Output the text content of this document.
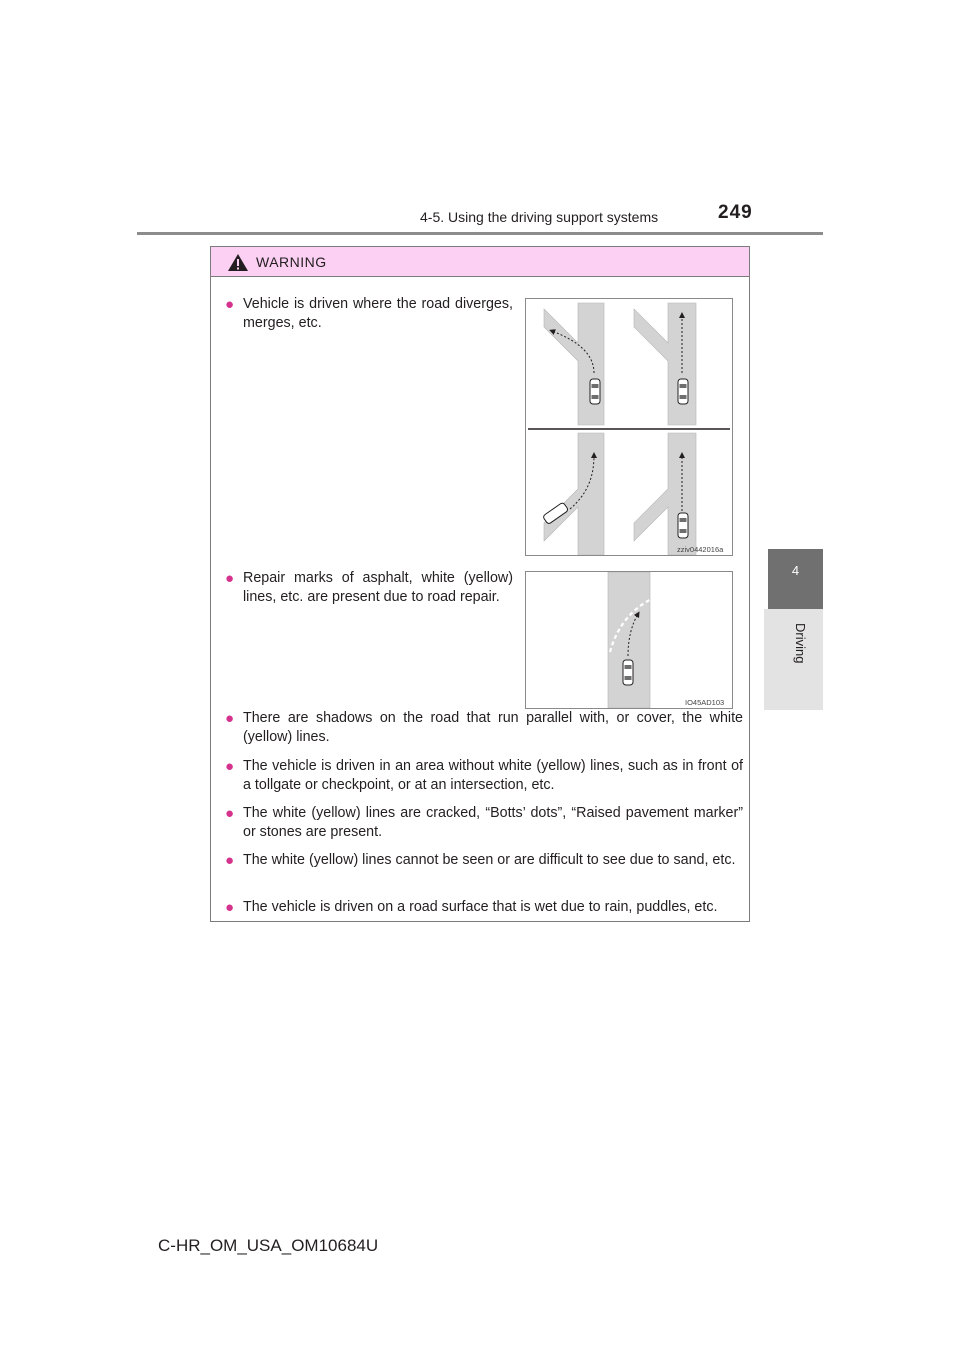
4-5. Using the driving support systems	249
4
Driving
WARNING
● Vehicle is driven where the road diverges, merges, etc.
zziv0442016a
● Repair marks of asphalt, white (yellow) lines, etc. are present due to road repair.
IO45AD103
● There are shadows on the road that run parallel with, or cover, the white (yellow) lines.
● The vehicle is driven in an area without white (yellow) lines, such as in front of a tollgate or checkpoint, or at an intersection, etc.
● The white (yellow) lines are cracked, “Botts’ dots”, “Raised pavement marker” or stones are present.
● The white (yellow) lines cannot be seen or are difficult to see due to sand, etc.
● The vehicle is driven on a road surface that is wet due to rain, puddles, etc.
C-HR_OM_USA_OM10684U
